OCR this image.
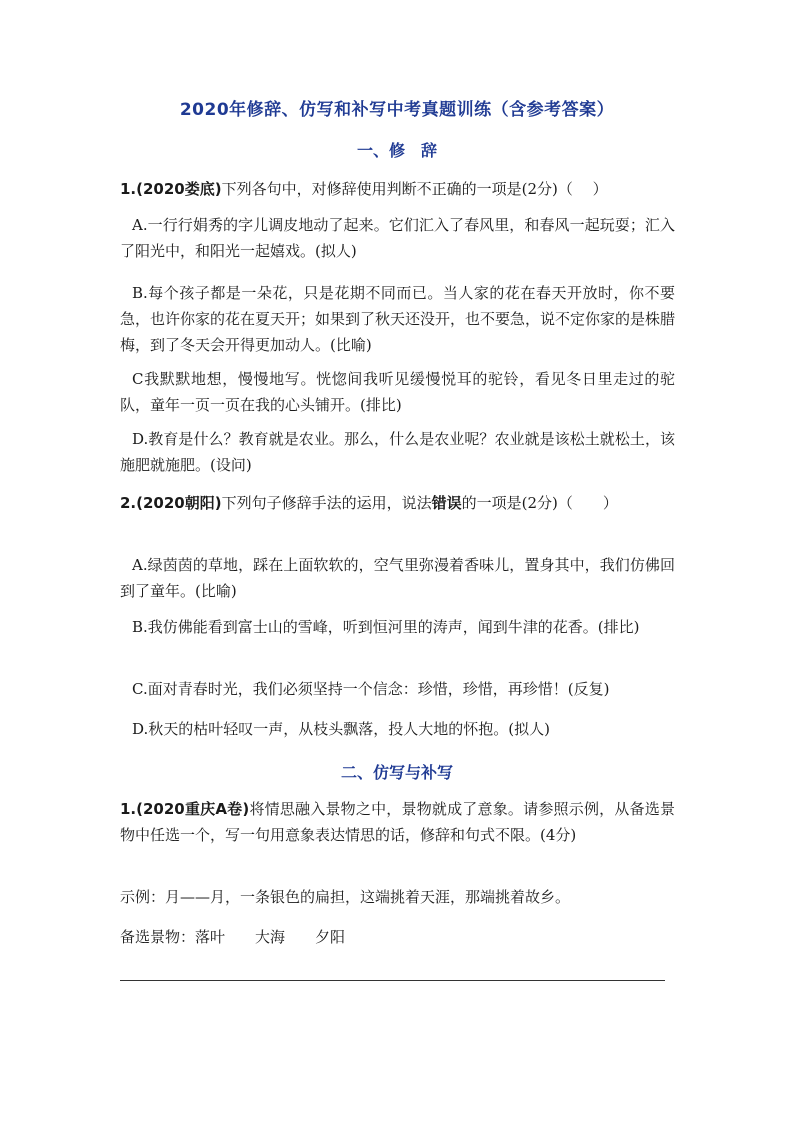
2020年修辞、仿写和补写中考真题训练（含参考答案）
一、修　辞
1.(2020娄底)下列各句中，对修辞使用判断不正确的一项是(2分)（　 ）
A.一行行娟秀的字儿调皮地动了起来。它们汇入了春风里，和春风一起玩耍；汇入了阳光中，和阳光一起嬉戏。(拟人)
B.每个孩子都是一朵花，只是花期不同而已。当人家的花在春天开放时，你不要急，也许你家的花在夏天开；如果到了秋天还没开，也不要急，说不定你家的是株腊梅，到了冬天会开得更加动人。(比喻)
C我默默地想，慢慢地写。恍惚间我听见缓慢悦耳的驼铃，看见冬日里走过的驼队，童年一页一页在我的心头铺开。(排比)
D.教育是什么？教育就是农业。那么，什么是农业呢？农业就是该松土就松土，该施肥就施肥。(设问)
2.(2020朝阳)下列句子修辞手法的运用，说法错误的一项是(2分)（　　）
A.绿茵茵的草地，踩在上面软软的，空气里弥漫着香味儿，置身其中，我们仿佛回到了童年。(比喻)
B.我仿佛能看到富士山的雪峰，听到恒河里的涛声，闻到牛津的花香。(排比)
C.面对青春时光，我们必须坚持一个信念：珍惜，珍惜，再珍惜！(反复)
D.秋天的枯叶轻叹一声，从枝头飘落，投人大地的怀抱。(拟人)
二、仿写与补写
1.(2020重庆A卷)将情思融入景物之中，景物就成了意象。请参照示例，从备选景物中任选一个，写一句用意象表达情思的话，修辞和句式不限。(4分)
示例：月——月，一条银色的扁担，这端挑着天涯，那端挑着故乡。
备选景物：落叶　　大海　　夕阳
